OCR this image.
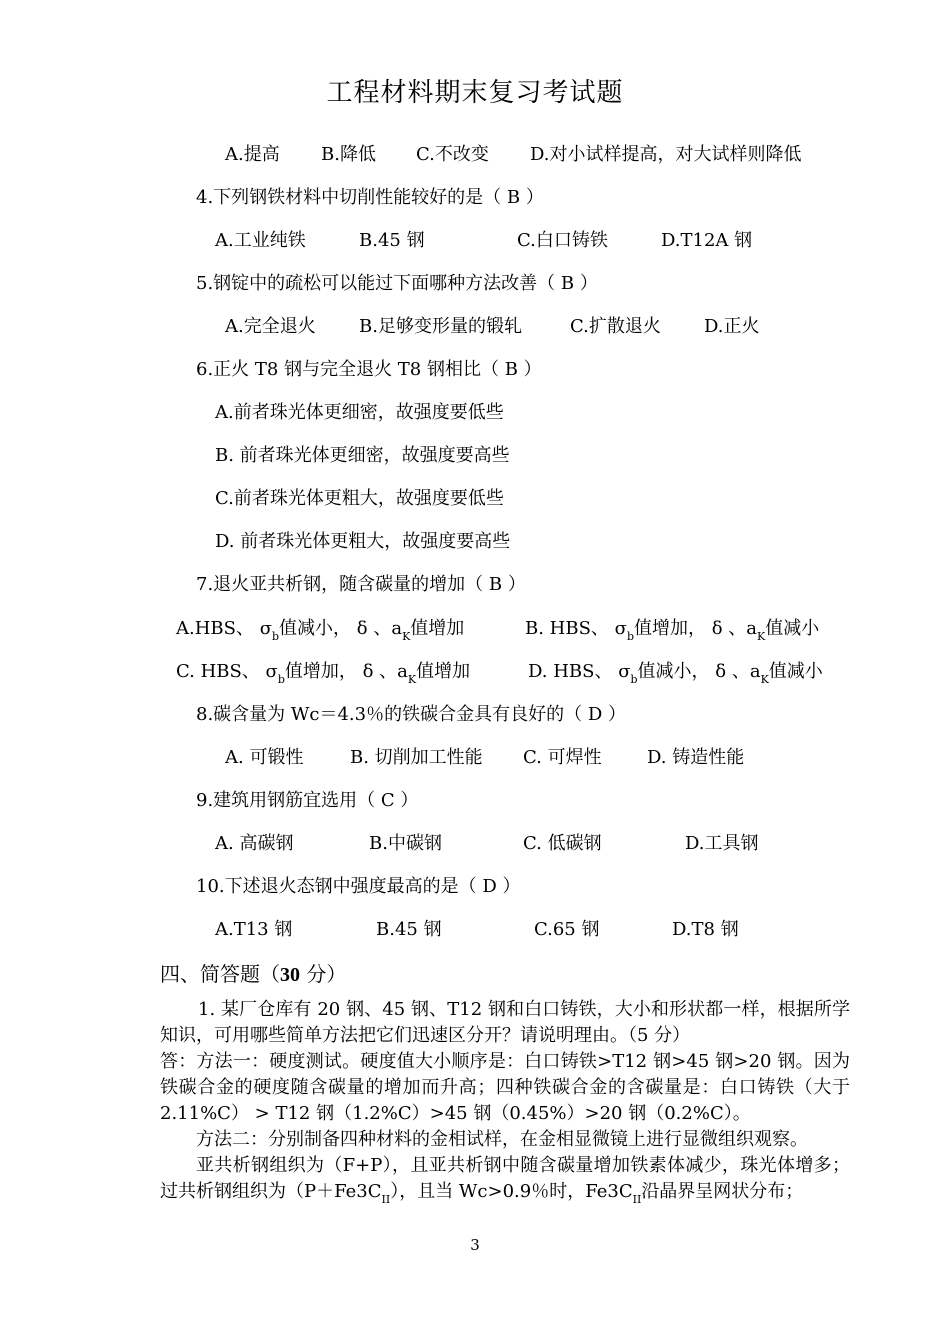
工程材料期末复习考试题
A.提高 B.降低 C.不改变 D.对小试样提高，对大试样则降低
4.下列钢铁材料中切削性能较好的是（ B ）
A.工业纯铁	B.45 钢	C.白口铸铁	D.T12A 钢
5.钢锭中的疏松可以能过下面哪种方法改善（ B ）
A.完全退火 B.足够变形量的锻轧	C.扩散退火 D.正火
6.正火 T8 钢与完全退火 T8 钢相比（ B ）
A.前者珠光体更细密，故强度要低些
B. 前者珠光体更细密，故强度要高些
C.前者珠光体更粗大，故强度要低些
D. 前者珠光体更粗大，故强度要高些
7.退火亚共析钢，随含碳量的增加（ B ）
A.HBS、 $\sigma_b$值减小， δ 、$a_K$值增加	B. HBS、 $\sigma_b$值增加， δ 、$a_K$值减小
C. HBS、 $\sigma_b$值增加， δ 、$a_K$值增加	D. HBS、 $\sigma_b$值减小， δ 、$a_K$值减小
8.碳含量为 Wc＝4.3％的铁碳合金具有良好的（ D ）
A. 可锻性	B. 切削加工性能 C. 可焊性	D. 铸造性能
9.建筑用钢筋宜选用（ C ）
A. 高碳钢	B.中碳钢	C. 低碳钢	D.工具钢
10.下述退火态钢中强度最高的是（ D ）
A.T13 钢	B.45 钢	C.65 钢	D.T8 钢
四、简答题（30 分）
1. 某厂仓库有 20 钢、45 钢、T12 钢和白口铸铁，大小和形状都一样，根据所学知识，可用哪些简单方法把它们迅速区分开？请说明理由。（5 分）
答：方法一：硬度测试。硬度值大小顺序是：白口铸铁>T12 钢>45 钢>20 钢。因为铁碳合金的硬度随含碳量的增加而升高；四种铁碳合金的含碳量是：白口铸铁（大于 2.11%C） > T12 钢（1.2%C）>45 钢（0.45%）>20 钢（0.2%C）。
方法二：分别制备四种材料的金相试样，在金相显微镜上进行显微组织观察。
亚共析钢组织为（F+P），且亚共析钢中随含碳量增加铁素体减少，珠光体增多；过共析钢组织为$(P+Fe3C_{II})$，且当 Wc>0.9％时，$Fe3C_{II}$沿晶界呈网状分布；
3
